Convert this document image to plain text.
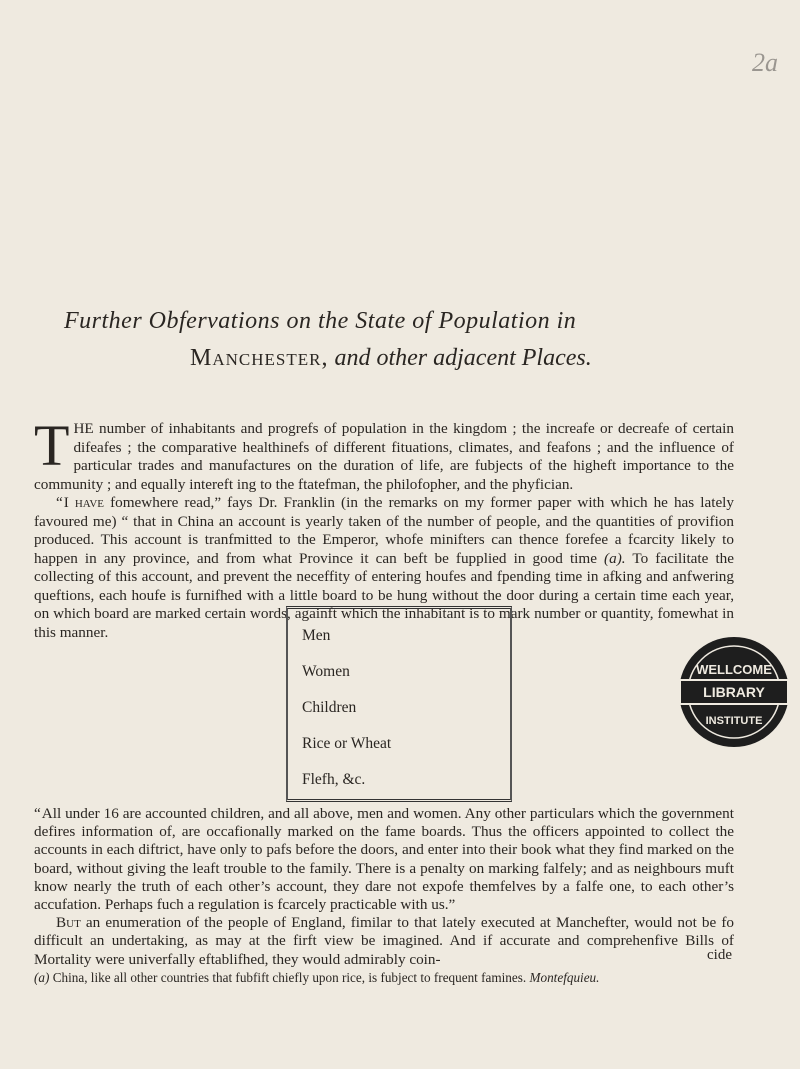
2a
Further Obfervations on the State of Population in
Manchester, and other adjacent Places.

THE number of inhabitants and progrefs of population in the kingdom ; the increafe or decreafe of certain difeafes ; the comparative healthinefs of different fituations, climates, and feafons ; and the influence of particular trades and manufactures on the duration of life, are fubjects of the higheft importance to the community ; and equally intereft ing to the ftatefman, the philofopher, and the phyfician.

“ I have fomewhere read,” fays Dr. Franklin (in the remarks on my former paper with which he has lately favoured me) “ that in China an account is yearly taken of the number of people, and the quantities of provifion produced. This account is tranfmitted to the Emperor, whofe minifters can thence forefee a fcarcity likely to happen in any province, and from what Province it can beft be fupplied in good time (a). To facilitate the collecting of this account, and prevent the neceffity of entering houfes and fpending time in afking and anfwering queftions, each houfe is furnifhed with a little board to be hung without the door during a certain time each year, on which board are marked certain words, againft which the inhabitant is to mark number or quantity, fomewhat in this manner.	Men
Women
Children
Rice or Wheat
Flefh, &c.
WELLCOME
LIBRARY
INSTITUTE

“ All under 16 are accounted children, and all above, men and women. Any other particulars which the government defires information of, are occafionally marked on the fame boards. Thus the officers appointed to collect the accounts in each diftrict, have only to pafs before the doors, and enter into their book what they find marked on the board, without giving the leaft trouble to the family. There is a penalty on marking falfely; and as neighbours muft know nearly the truth of each other’s account, they dare not expofe themfelves by a falfe one, to each other’s accufation. Perhaps fuch a regulation is fcarcely practicable with us.”

But an enumeration of the people of England, fimilar to that lately executed at Manchefter, would not be fo difficult an undertaking, as may at the firft view be imagined. And if accurate and comprehenfive Bills of Mortality were univerfally eftablifhed, they would admirably coin-	cide
(a) China, like all other countries that fubfift chiefly upon rice, is fubject to frequent famines. Montefquieu.
